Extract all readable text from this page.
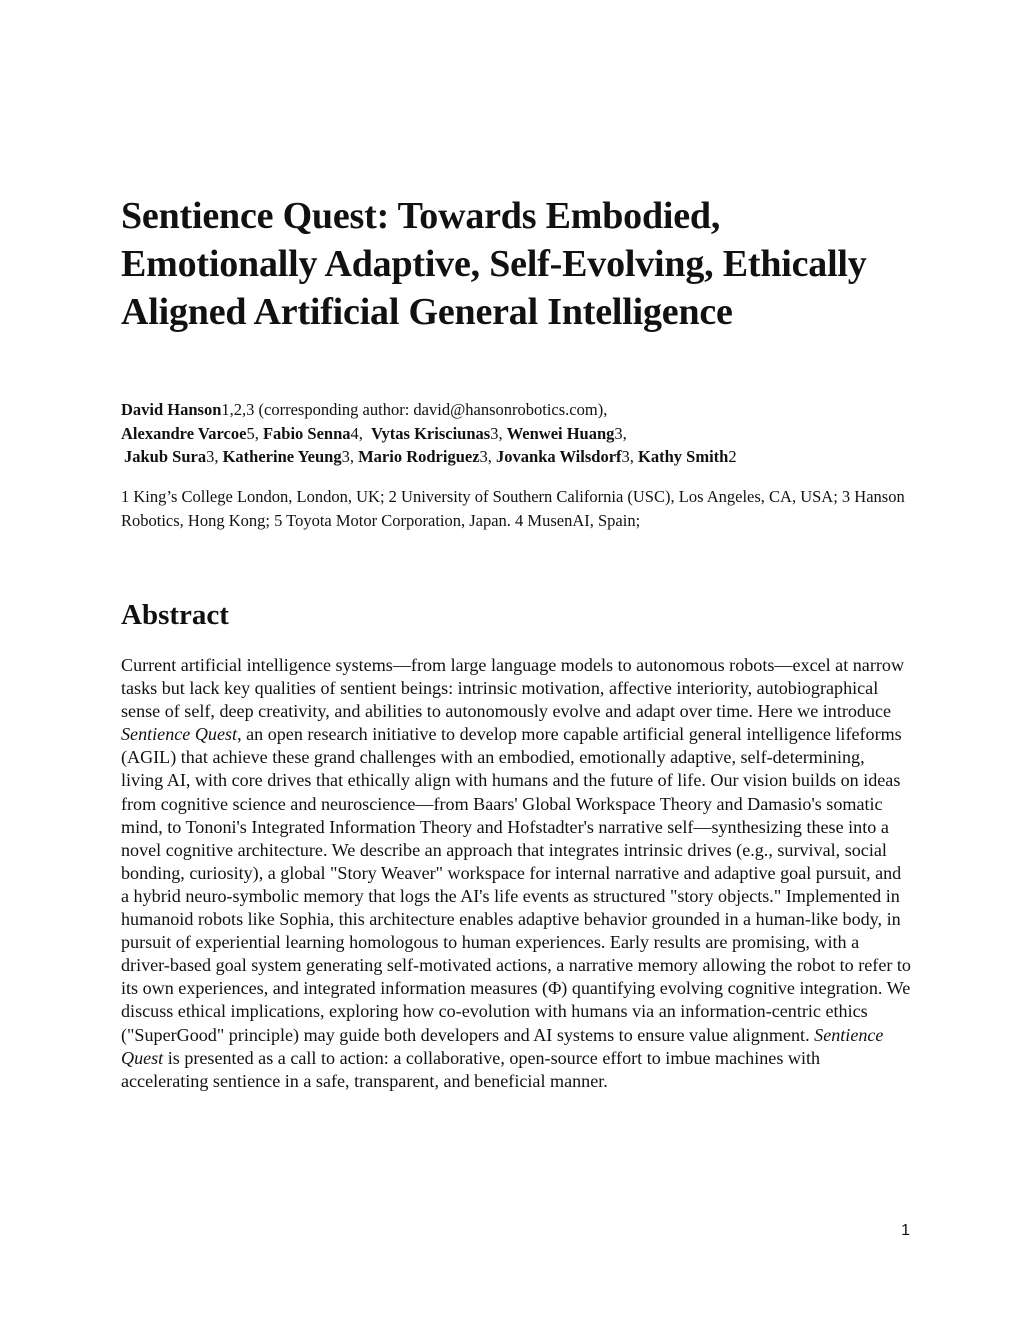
Sentience Quest: Towards Embodied, Emotionally Adaptive, Self-Evolving, Ethically Aligned Artificial General Intelligence
David Hanson1,2,3 (corresponding author: david@hansonrobotics.com),
Alexandre Varcoe5, Fabio Senna4,  Vytas Krisciunas3, Wenwei Huang3,
Jakub Sura3, Katherine Yeung3, Mario Rodriguez3, Jovanka Wilsdorf3, Kathy Smith2

1 King’s College London, London, UK; 2 University of Southern California (USC), Los Angeles, CA, USA; 3 Hanson Robotics, Hong Kong; 5 Toyota Motor Corporation, Japan. 4 MusenAI, Spain;

Abstract

Current artificial intelligence systems—from large language models to autonomous robots—excel at narrow tasks but lack key qualities of sentient beings: intrinsic motivation, affective interiority, autobiographical sense of self, deep creativity, and abilities to autonomously evolve and adapt over time. Here we introduce Sentience Quest, an open research initiative to develop more capable artificial general intelligence lifeforms (AGIL) that achieve these grand challenges with an embodied, emotionally adaptive, self-determining, living AI, with core drives that ethically align with humans and the future of life. Our vision builds on ideas from cognitive science and neuroscience—from Baars' Global Workspace Theory and Damasio's somatic mind, to Tononi's Integrated Information Theory and Hofstadter's narrative self—synthesizing these into a novel cognitive architecture. We describe an approach that integrates intrinsic drives (e.g., survival, social bonding, curiosity), a global "Story Weaver" workspace for internal narrative and adaptive goal pursuit, and a hybrid neuro-symbolic memory that logs the AI's life events as structured "story objects." Implemented in humanoid robots like Sophia, this architecture enables adaptive behavior grounded in a human-like body, in pursuit of experiential learning homologous to human experiences. Early results are promising, with a driver-based goal system generating self-motivated actions, a narrative memory allowing the robot to refer to its own experiences, and integrated information measures (Φ) quantifying evolving cognitive integration. We discuss ethical implications, exploring how co-evolution with humans via an information-centric ethics ("SuperGood" principle) may guide both developers and AI systems to ensure value alignment. Sentience Quest is presented as a call to action: a collaborative, open-source effort to imbue machines with accelerating sentience in a safe, transparent, and beneficial manner.

1
